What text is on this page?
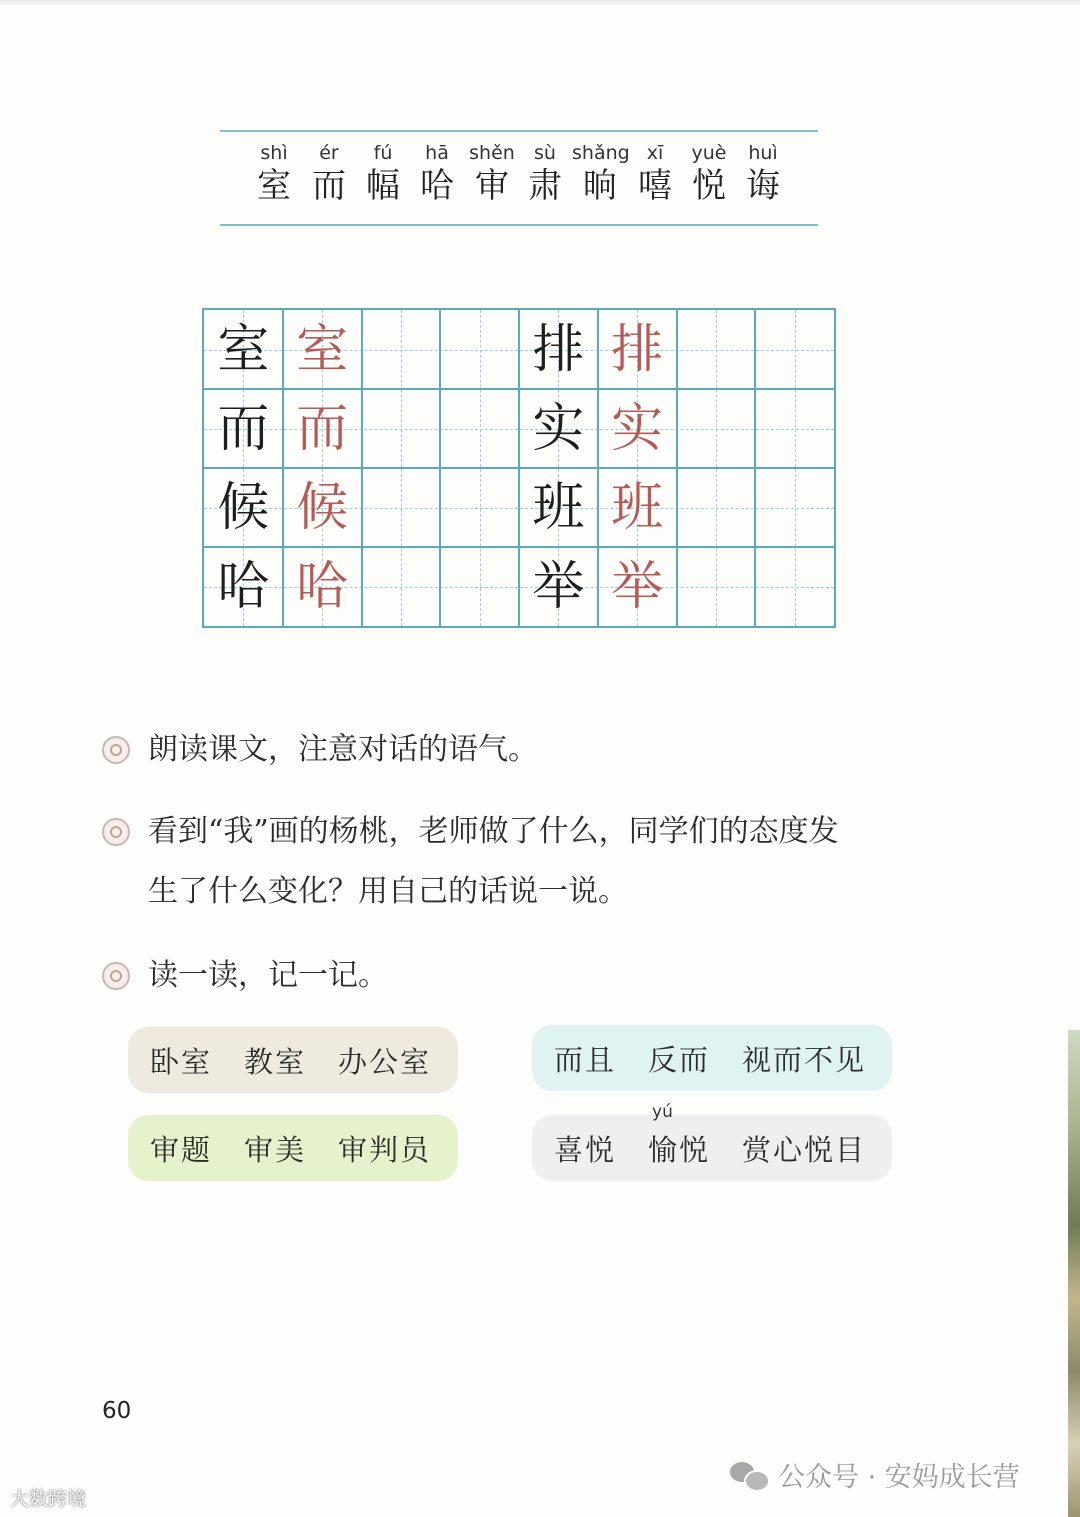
shì
室
ér
而
fú
幅
hā
哈
shěn
审
sù
肃
shǎng
晌
xī
嘻
yuè
悦
huì
诲
室 室
而 而
候 候
哈 哈
排 排
实 实
班 班
举 举
朗读课文，注意对话的语气。
看到“我”画的杨桃，老师做了什么，同学们的态度发
生了什么变化？用自己的话说一说。
读一读，记一记。
卧室 教室 办公室	而且 反而 视而不见
审题 审美 审判员	喜悦
yú
愉悦 赏心悦目
60
大数跨境
公众号 · 安妈成长营
